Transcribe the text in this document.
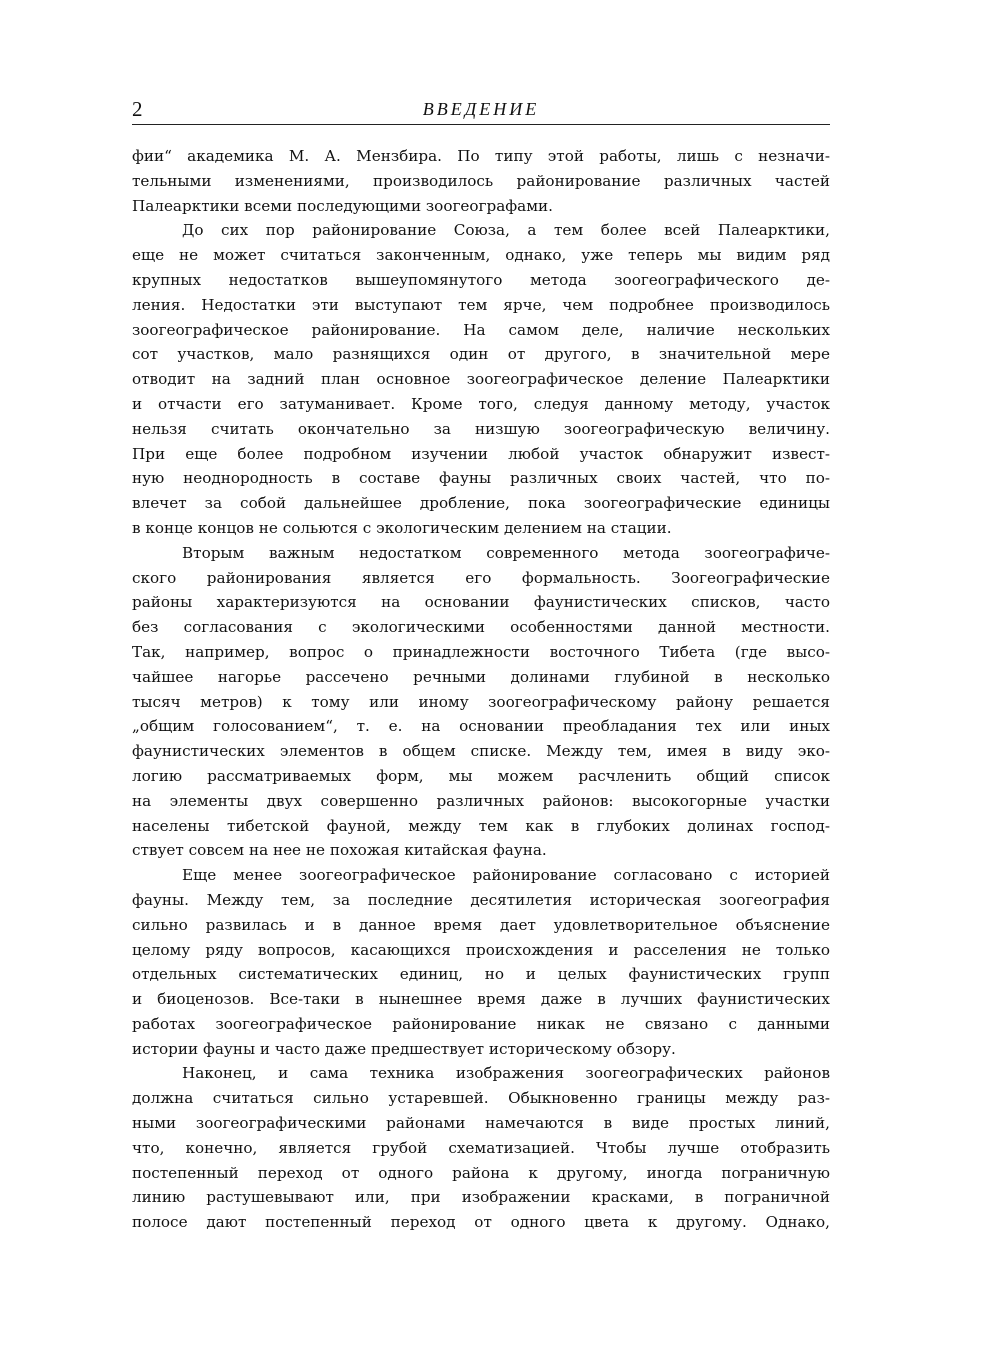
2	ВВЕДЕНИЕ
фии“ академика М. А. Мензбира. По типу этой работы, лишь с незначи-
тельными изменениями, производилось районирование различных частей
Палеарктики всеми последующими зоогеографами.
До сих пор районирование Союза, а тем более всей Палеарктики,
еще не может считаться законченным, однако, уже теперь мы видим ряд
крупных недостатков вышеупомянутого метода зоогеографического де-
ления. Недостатки эти выступают тем ярче, чем подробнее производилось
зоогеографическое районирование. На самом деле, наличие нескольких
сот участков, мало разнящихся один от другого, в значительной мере
отводит на задний план основное зоогеографическое деление Палеарктики
и отчасти его затуманивает. Кроме того, следуя данному методу, участок
нельзя считать окончательно за низшую зоогеографическую величину.
При еще более подробном изучении любой участок обнаружит извест-
ную неоднородность в составе фауны различных своих частей, что по-
влечет за собой дальнейшее дробление, пока зоогеографические единицы
в конце концов не сольются с экологическим делением на стации.
Вторым важным недостатком современного метода зоогеографиче-
ского районирования является его формальность. Зоогеографические
районы характеризуются на основании фаунистических списков, часто
без согласования с экологическими особенностями данной местности.
Так, например, вопрос о принадлежности восточного Тибета (где высо-
чайшее нагорье рассечено речными долинами глубиной в несколько
тысяч метров) к тому или иному зоогеографическому району решается
„общим голосованием“, т. е. на основании преобладания тех или иных
фаунистических элементов в общем списке. Между тем, имея в виду эко-
логию рассматриваемых форм, мы можем расчленить общий список
на элементы двух совершенно различных районов: высокогорные участки
населены тибетской фауной, между тем как в глубоких долинах господ-
ствует совсем на нее не похожая китайская фауна.
Еще менее зоогеографическое районирование согласовано с историей
фауны. Между тем, за последние десятилетия историческая зоогеография
сильно развилась и в данное время дает удовлетворительное объяснение
целому ряду вопросов, касающихся происхождения и расселения не только
отдельных систематических единиц, но и целых фаунистических групп
и биоценозов. Все-таки в нынешнее время даже в лучших фаунистических
работах зоогеографическое районирование никак не связано с данными
истории фауны и часто даже предшествует историческому обзору.
Наконец, и сама техника изображения зоогеографических районов
должна считаться сильно устаревшей. Обыкновенно границы между раз-
ными зоогеографическими районами намечаются в виде простых линий,
что, конечно, является грубой схематизацией. Чтобы лучше отобразить
постепенный переход от одного района к другому, иногда пограничную
линию растушевывают или, при изображении красками, в пограничной
полосе дают постепенный переход от одного цвета к другому. Однако,
